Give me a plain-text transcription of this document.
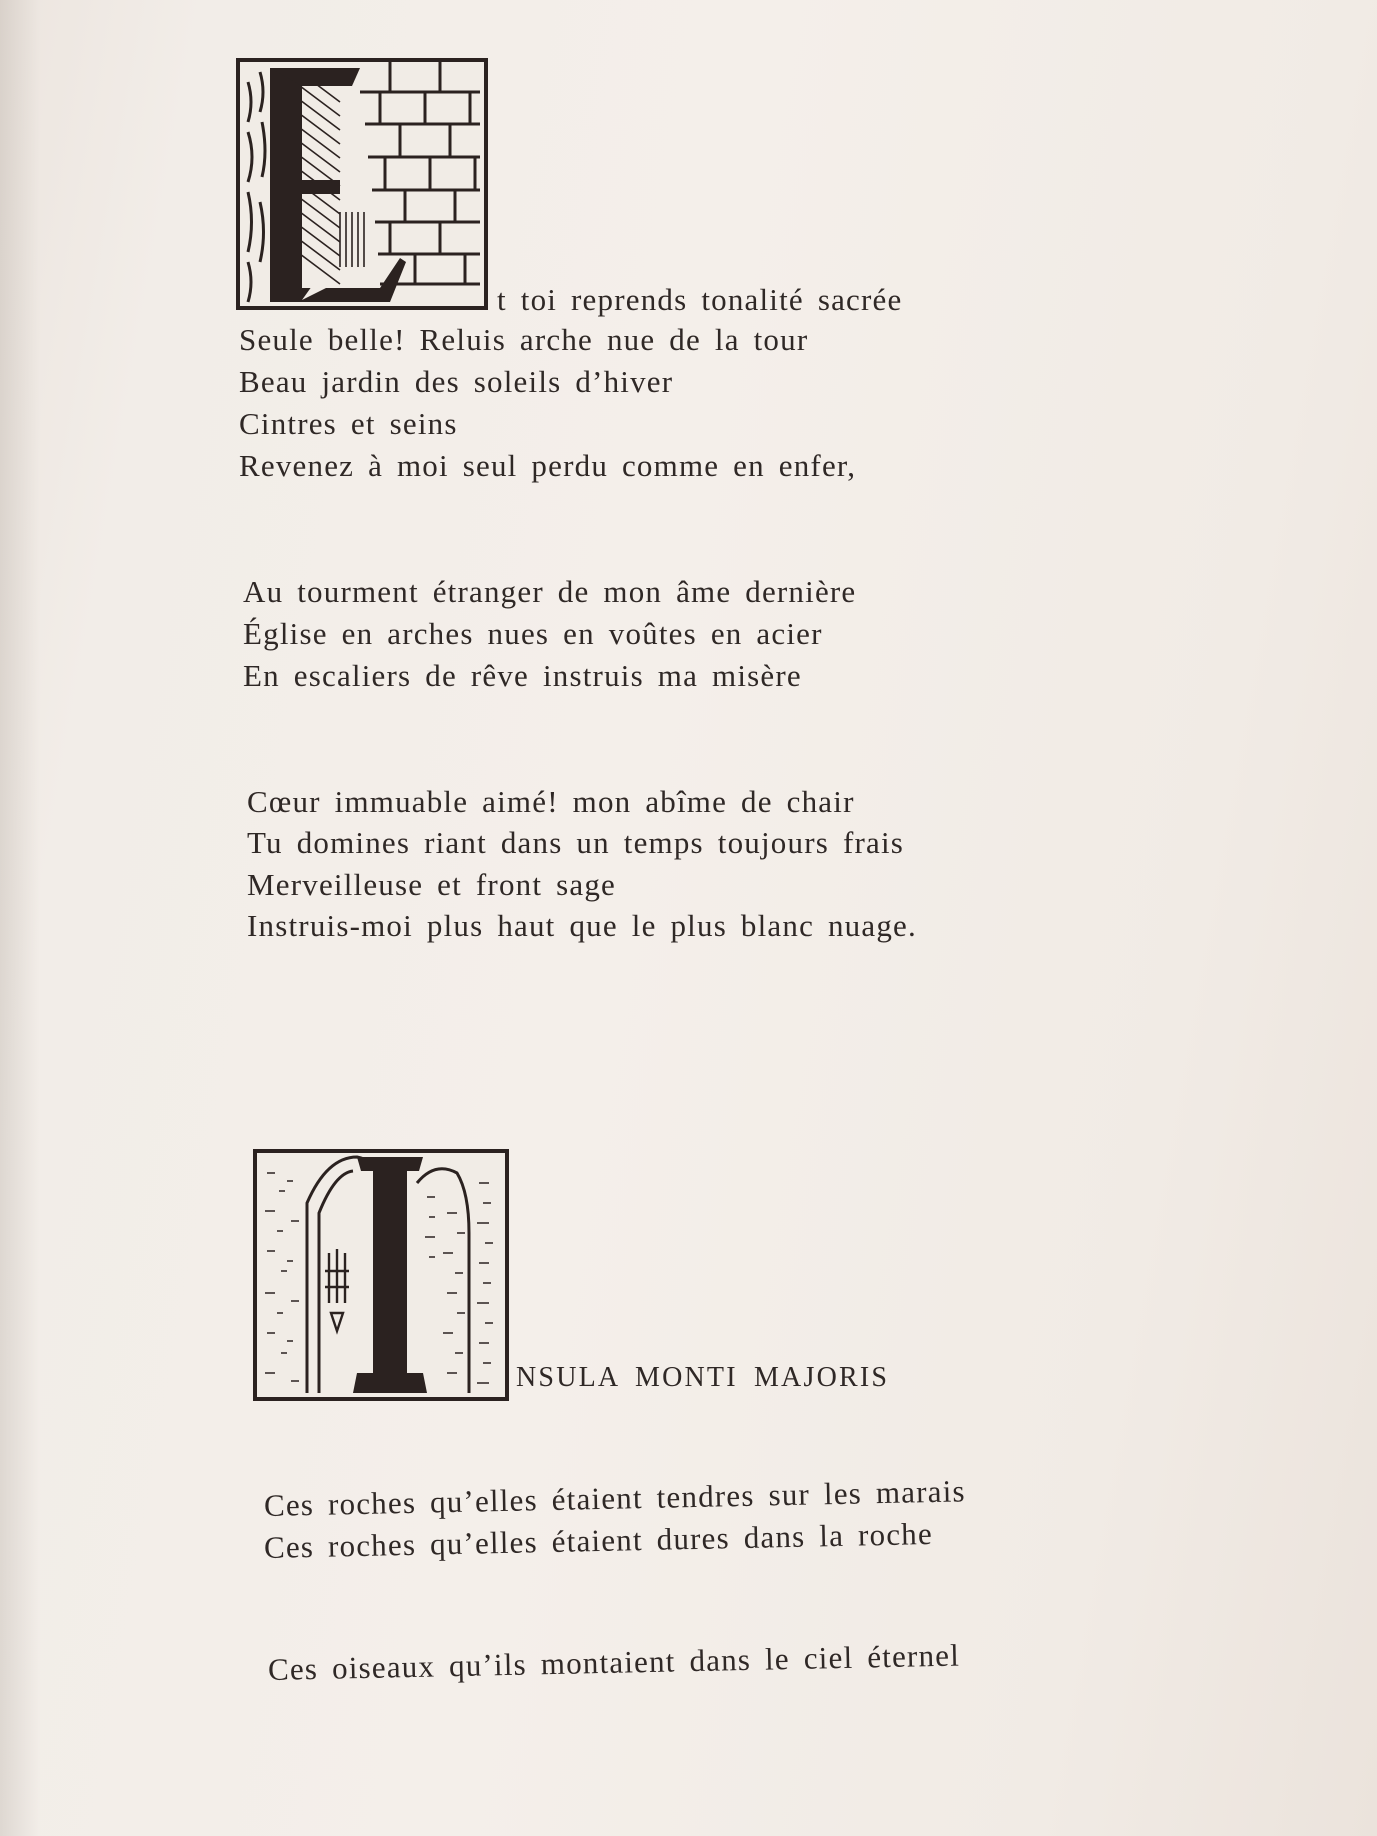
t toi reprends tonalité sacrée
Seule belle! Reluis arche nue de la tour
Beau jardin des soleils d’hiver
Cintres et seins
Revenez à moi seul perdu comme en enfer,
Au tourment étranger de mon âme dernière
Église en arches nues en voûtes en acier
En escaliers de rêve instruis ma misère
Cœur immuable aimé! mon abîme de chair
Tu domines riant dans un temps toujours frais
Merveilleuse et front sage
Instruis-moi plus haut que le plus blanc nuage.
NSULA MONTI MAJORIS
Ces roches qu’elles étaient tendres sur les marais
Ces roches qu’elles étaient dures dans la roche
Ces oiseaux qu’ils montaient dans le ciel éternel
